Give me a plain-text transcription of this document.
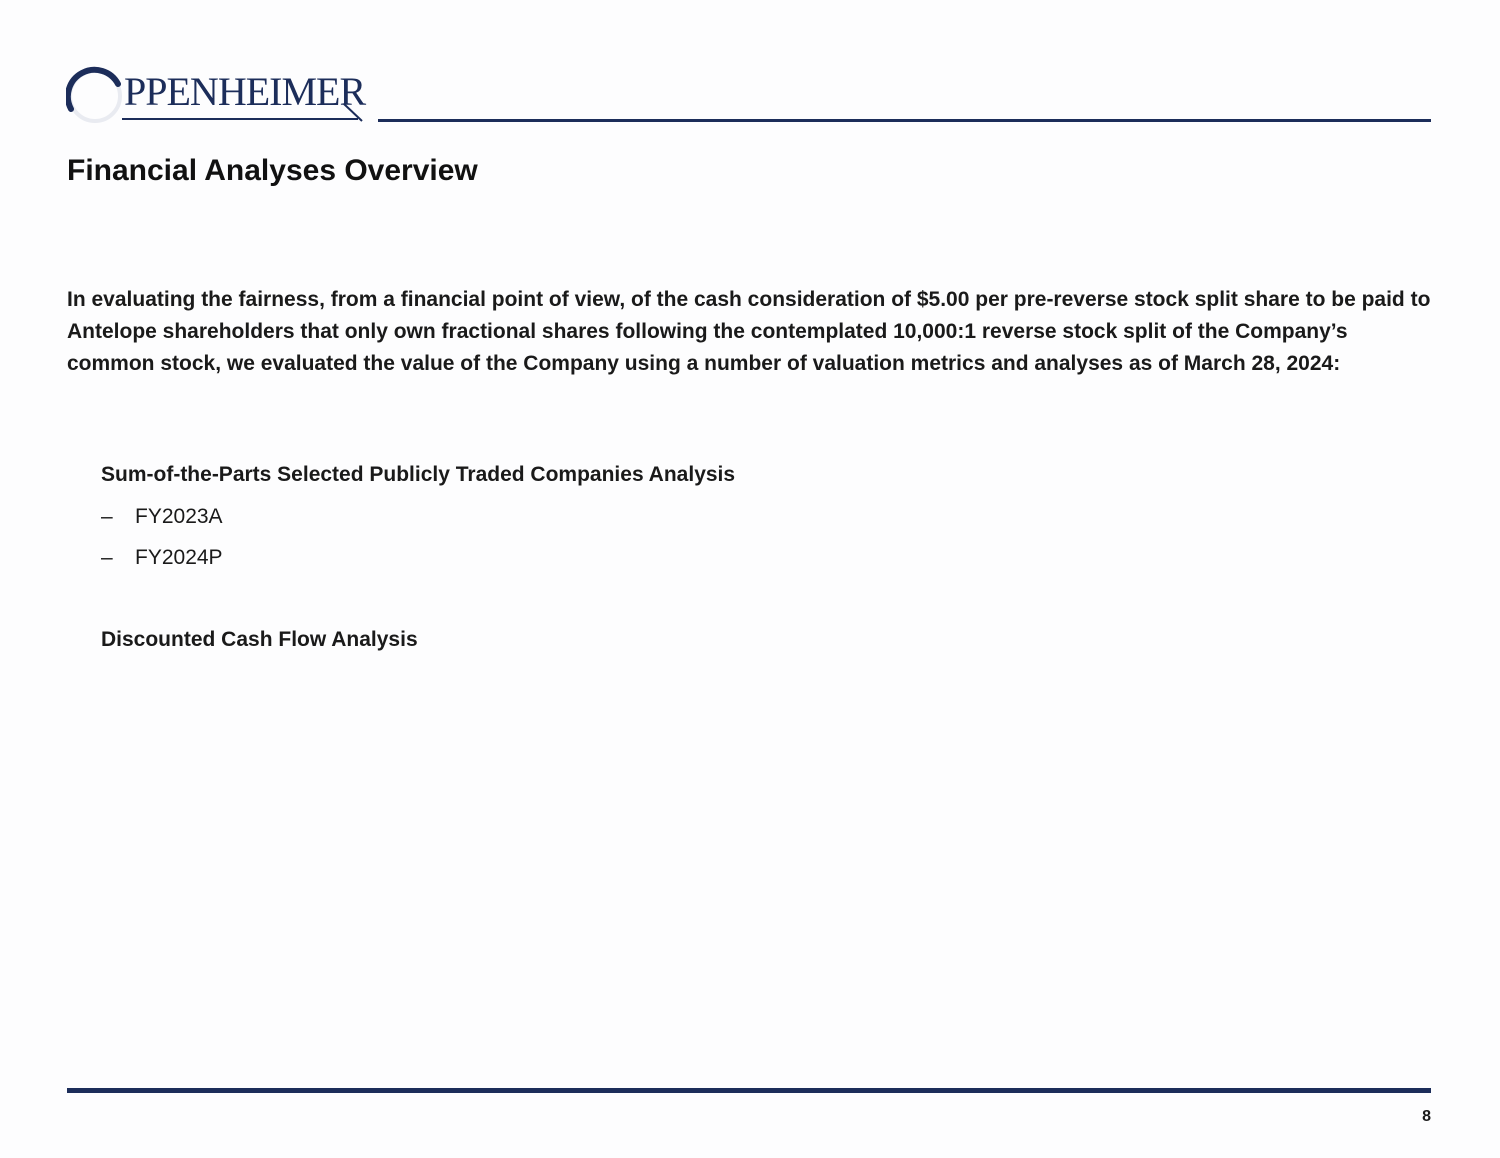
PPENHEIMER
Financial Analyses Overview

In evaluating the fairness, from a financial point of view, of the cash consideration of $5.00 per pre-reverse stock split share to be paid to Antelope shareholders that only own fractional shares following the contemplated 10,000:1 reverse stock split of the Company’s common stock, we evaluated the value of the Company using a number of valuation metrics and analyses as of March 28, 2024:

Sum-of-the-Parts Selected Publicly Traded Companies Analysis
– FY2023A
– FY2024P
Discounted Cash Flow Analysis
8
